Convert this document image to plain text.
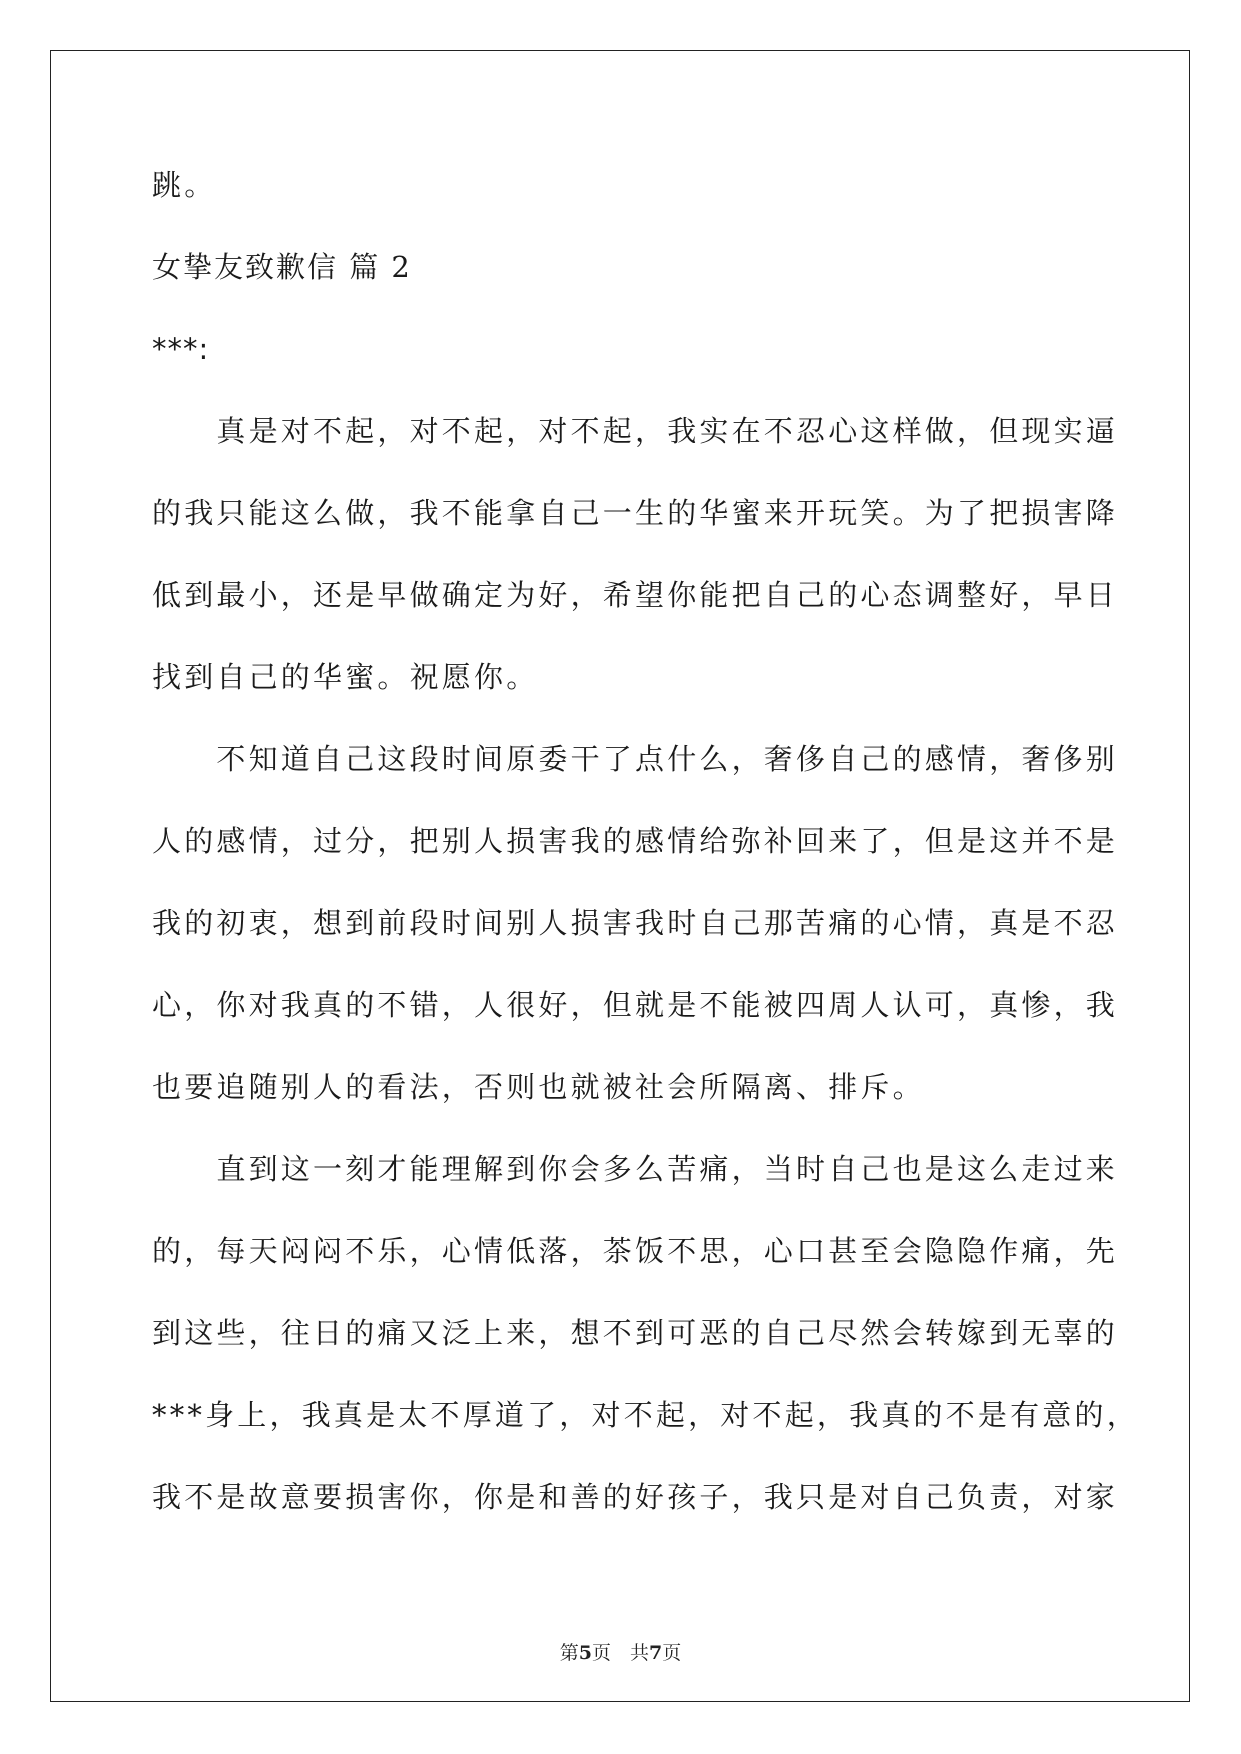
跳。
女挚友致歉信 篇 2
***:
　　真是对不起，对不起，对不起，我实在不忍心这样做，但现实逼
的我只能这么做，我不能拿自己一生的华蜜来开玩笑。为了把损害降
低到最小，还是早做确定为好，希望你能把自己的心态调整好，早日
找到自己的华蜜。祝愿你。
　　不知道自己这段时间原委干了点什么，奢侈自己的感情，奢侈别
人的感情，过分，把别人损害我的感情给弥补回来了，但是这并不是
我的初衷，想到前段时间别人损害我时自己那苦痛的心情，真是不忍
心，你对我真的不错，人很好，但就是不能被四周人认可，真惨，我
也要追随别人的看法，否则也就被社会所隔离、排斥。
　　直到这一刻才能理解到你会多么苦痛，当时自己也是这么走过来
的，每天闷闷不乐，心情低落，茶饭不思，心口甚至会隐隐作痛，先
到这些，往日的痛又泛上来，想不到可恶的自己尽然会转嫁到无辜的
***身上，我真是太不厚道了，对不起，对不起，我真的不是有意的，
我不是故意要损害你，你是和善的好孩子，我只是对自己负责，对家
第5页　共7页
